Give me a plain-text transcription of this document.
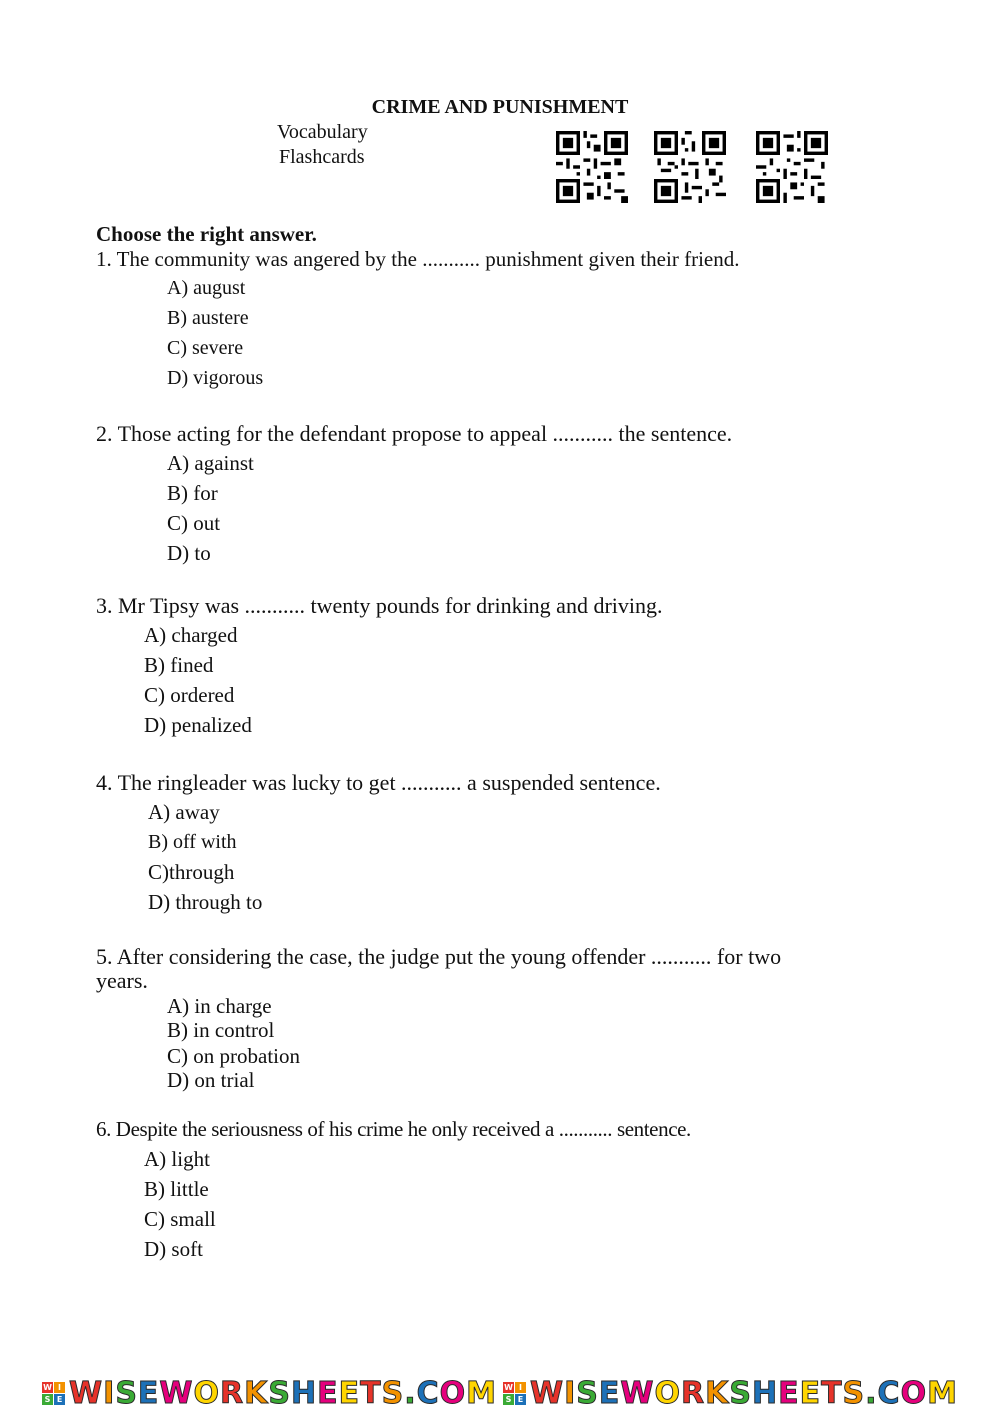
CRIME AND PUNISHMENT
Vocabulary
Flashcards
Choose the right answer.
1. The community was angered by the ........... punishment given their friend.
A) august
B) austere
C) severe
D) vigorous
2. Those acting for the defendant propose to appeal ........... the sentence.
A) against
B) for
C) out
D) to
3. Mr Tipsy was ........... twenty pounds for drinking and driving.
A) charged
B) fined
C) ordered
D) penalized
4. The ringleader was lucky to get ........... a suspended sentence.
A) away
B) off with
C)through
D) through to
5. After considering the case, the judge put the young offender ........... for two
years.
A) in charge
B) in control
C) on probation
D) on trial
6. Despite the seriousness of his crime he only received a ........... sentence.
A) light
B) little
C) small
D) soft
W I
S E WISEWORKSHEETS.COM W I
S E WISEWORKSHEETS.COM
